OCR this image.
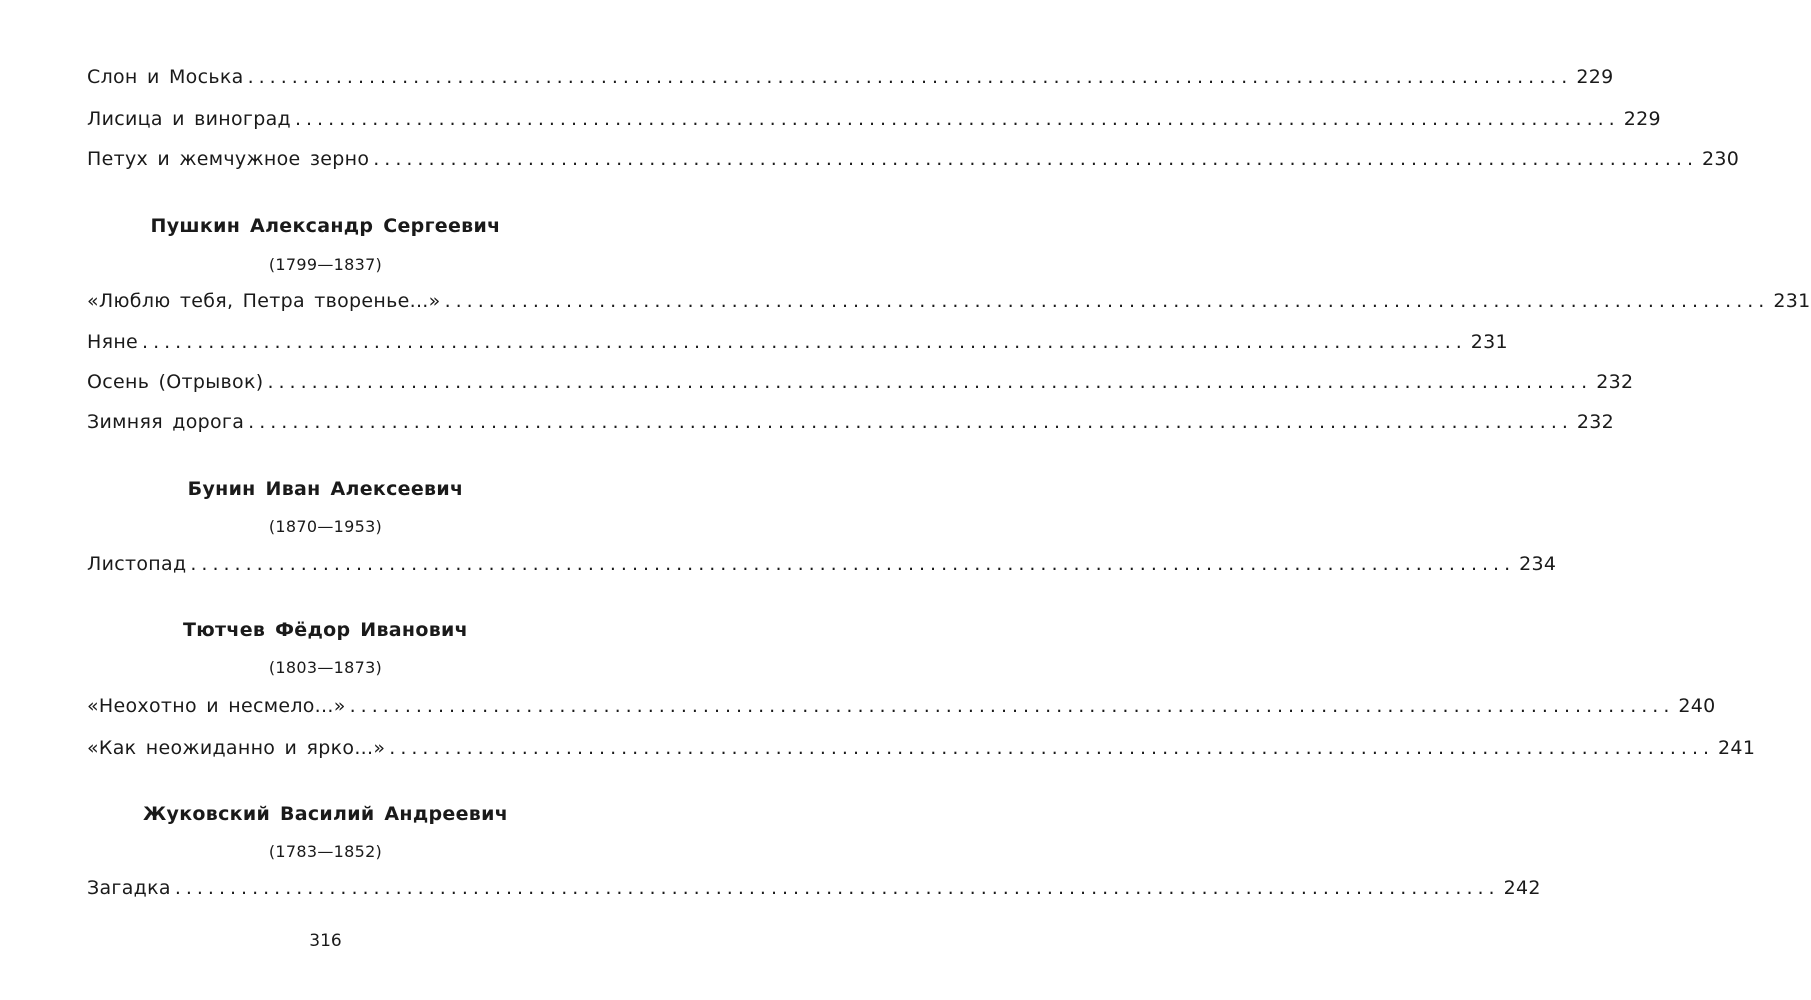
Слон и Моська ........................................................................................................................ 229
Лисица и виноград ........................................................................................................................ 229
Петух и жемчужное зерно ........................................................................................................................ 230
Пушкин Александр Сергеевич
(1799—1837)
«Люблю тебя, Петра творенье...» ........................................................................................................................ 231
Няне ........................................................................................................................ 231
Осень (Отрывок) ........................................................................................................................ 232
Зимняя дорога ........................................................................................................................ 232
Бунин Иван Алексеевич
(1870—1953)
Листопад ........................................................................................................................ 234
Тютчев Фёдор Иванович
(1803—1873)
«Неохотно и несмело...» ........................................................................................................................ 240
«Как неожиданно и ярко...» ........................................................................................................................ 241
Жуковский Василий Андреевич
(1783—1852)
Загадка ........................................................................................................................ 242
316
